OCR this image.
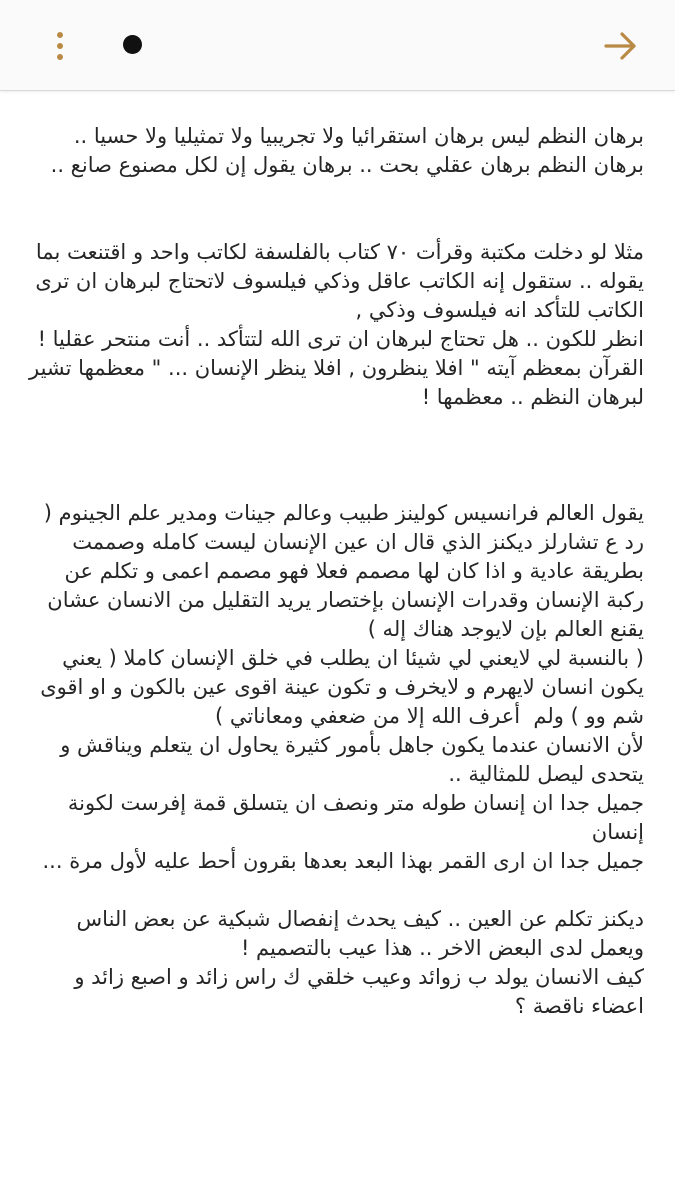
برهان النظم ليس برهان استقرائيا ولا تجريبيا ولا تمثيليا ولا حسيا .. برهان النظم برهان عقلي بحت .. برهان يقول إن لكل مصنوع صانع ..

مثلا لو دخلت مكتبة وقرأت ٧٠ كتاب بالفلسفة لكاتب واحد و اقتنعت بما يقوله .. ستقول إنه الكاتب عاقل وذكي فيلسوف لاتحتاج لبرهان ان ترى الكاتب للتأكد انه فيلسوف وذكي ,
انظر للكون .. هل تحتاج لبرهان ان ترى الله لتتأكد .. أنت منتحر عقليا !
القرآن بمعظم آيته " افلا ينظرون , افلا ينظر الإنسان ... " معظمها تشير لبرهان النظم .. معظمها !

يقول العالم فرانسيس كولينز طبيب وعالم جينات ومدير علم الجينوم ( رد ع تشارلز ديكنز الذي قال ان عين الإنسان ليست كامله وصممت بطريقة عادية و اذا كان لها مصمم فعلا فهو مصمم اعمى و تكلم عن ركبة الإنسان وقدرات الإنسان بإختصار يريد التقليل من الانسان عشان يقنع العالم بإن لايوجد هناك إله )
( بالنسبة لي لايعني لي شيئا ان يطلب في خلق الإنسان كاملا ( يعني يكون انسان لايهرم و لايخرف و تكون عينة اقوى عين بالكون و او اقوى شم وو ) ولم  أعرف الله إلا من ضعفي ومعاناتي )
لأن الانسان عندما يكون جاهل بأمور كثيرة يحاول ان يتعلم ويناقش و يتحدى ليصل للمثالية ..
جميل جدا ان إنسان طوله متر ونصف ان يتسلق قمة إفرست لكونة إنسان
جميل جدا ان ارى القمر بهذا البعد بعدها بقرون أحط عليه لأول مرة ...

ديكنز تكلم عن العين .. كيف يحدث إنفصال شبكية عن بعض الناس ويعمل لدى البعض الاخر .. هذا عيب بالتصميم !
كيف الانسان يولد ب زوائد وعيب خلقي ك راس زائد و اصبع زائد و اعضاء ناقصة ؟
